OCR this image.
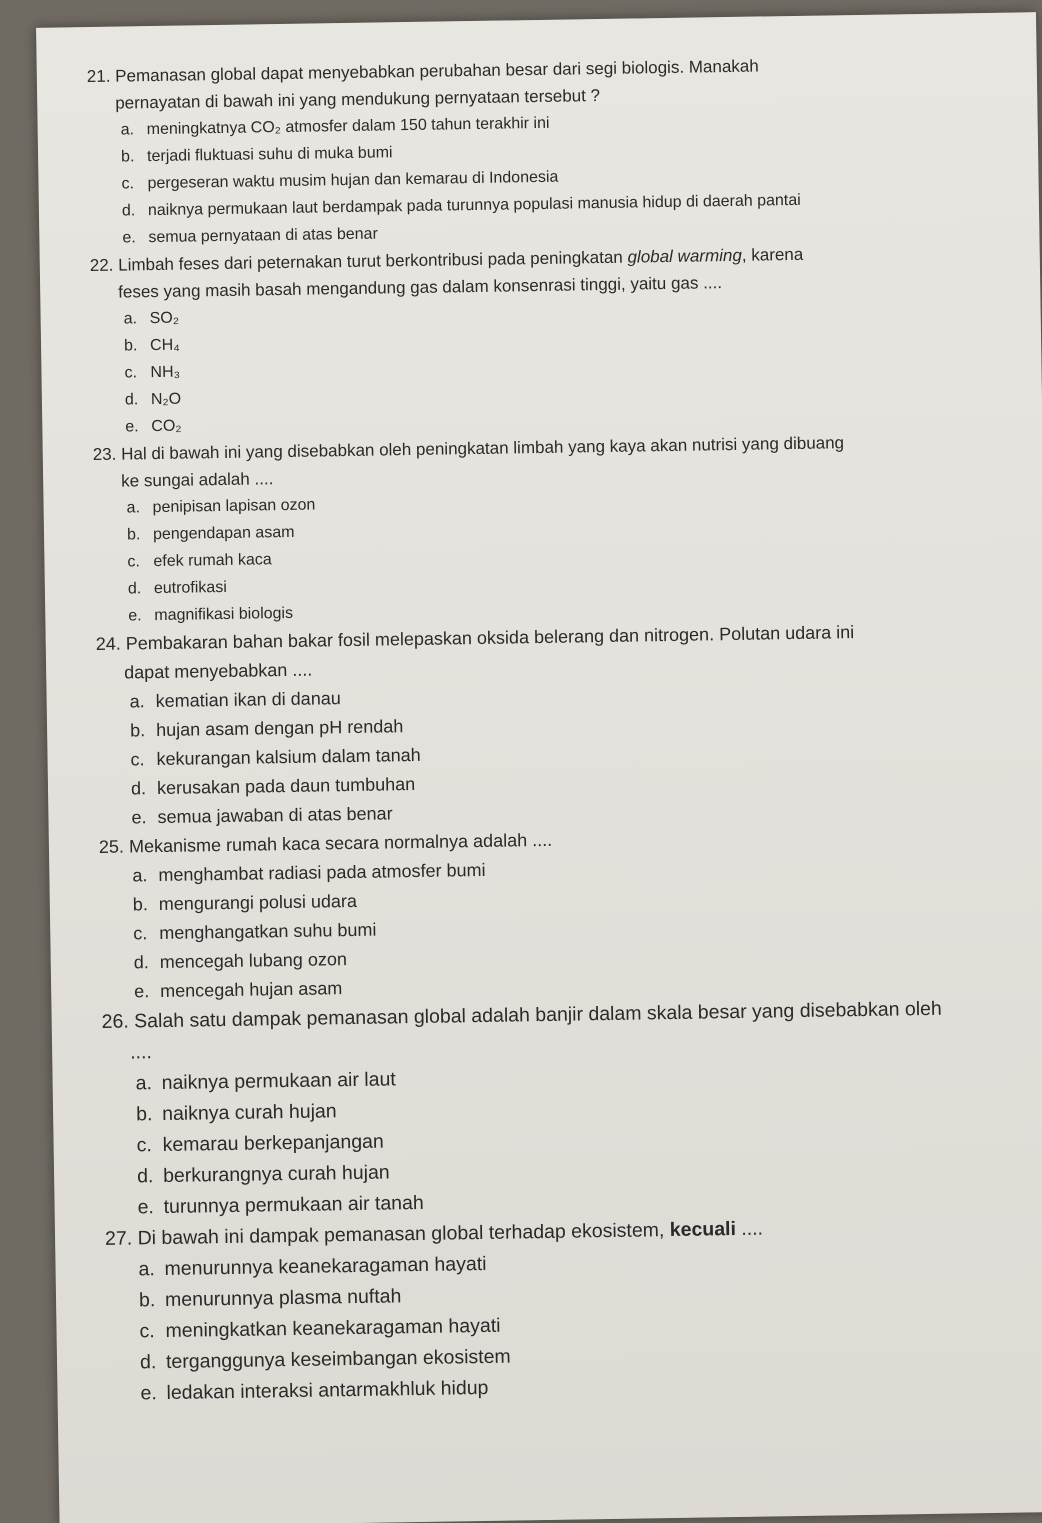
21. Pemanasan global dapat menyebabkan perubahan besar dari segi biologis. Manakah

pernayatan di bawah ini yang mendukung pernyataan tersebut ?

a. meningkatnya CO₂ atmosfer dalam 150 tahun terakhir ini
b. terjadi fluktuasi suhu di muka bumi
c. pergeseran waktu musim hujan dan kemarau di Indonesia
d. naiknya permukaan laut berdampak pada turunnya populasi manusia hidup di daerah pantai
e. semua pernyataan di atas benar

22. Limbah feses dari peternakan turut berkontribusi pada peningkatan global warming, karena

feses yang masih basah mengandung gas dalam konsenrasi tinggi, yaitu gas ....

a. SO₂
b. CH₄
c. NH₃
d. N₂O
e. CO₂

23. Hal di bawah ini yang disebabkan oleh peningkatan limbah yang kaya akan nutrisi yang dibuang

ke sungai adalah ....

a. penipisan lapisan ozon
b. pengendapan asam
c. efek rumah kaca
d. eutrofikasi
e. magnifikasi biologis

24. Pembakaran bahan bakar fosil melepaskan oksida belerang dan nitrogen. Polutan udara ini

dapat menyebabkan ....

a. kematian ikan di danau
b. hujan asam dengan pH rendah
c. kekurangan kalsium dalam tanah
d. kerusakan pada daun tumbuhan
e. semua jawaban di atas benar

25. Mekanisme rumah kaca secara normalnya adalah ....

a. menghambat radiasi pada atmosfer bumi
b. mengurangi polusi udara
c. menghangatkan suhu bumi
d. mencegah lubang ozon
e. mencegah hujan asam

26. Salah satu dampak pemanasan global adalah banjir dalam skala besar yang disebabkan oleh

....

a. naiknya permukaan air laut
b. naiknya curah hujan
c. kemarau berkepanjangan
d. berkurangnya curah hujan
e. turunnya permukaan air tanah

27. Di bawah ini dampak pemanasan global terhadap ekosistem, kecuali ....

a. menurunnya keanekaragaman hayati
b. menurunnya plasma nuftah
c. meningkatkan keanekaragaman hayati
d. terganggunya keseimbangan ekosistem
e. ledakan interaksi antarmakhluk hidup
